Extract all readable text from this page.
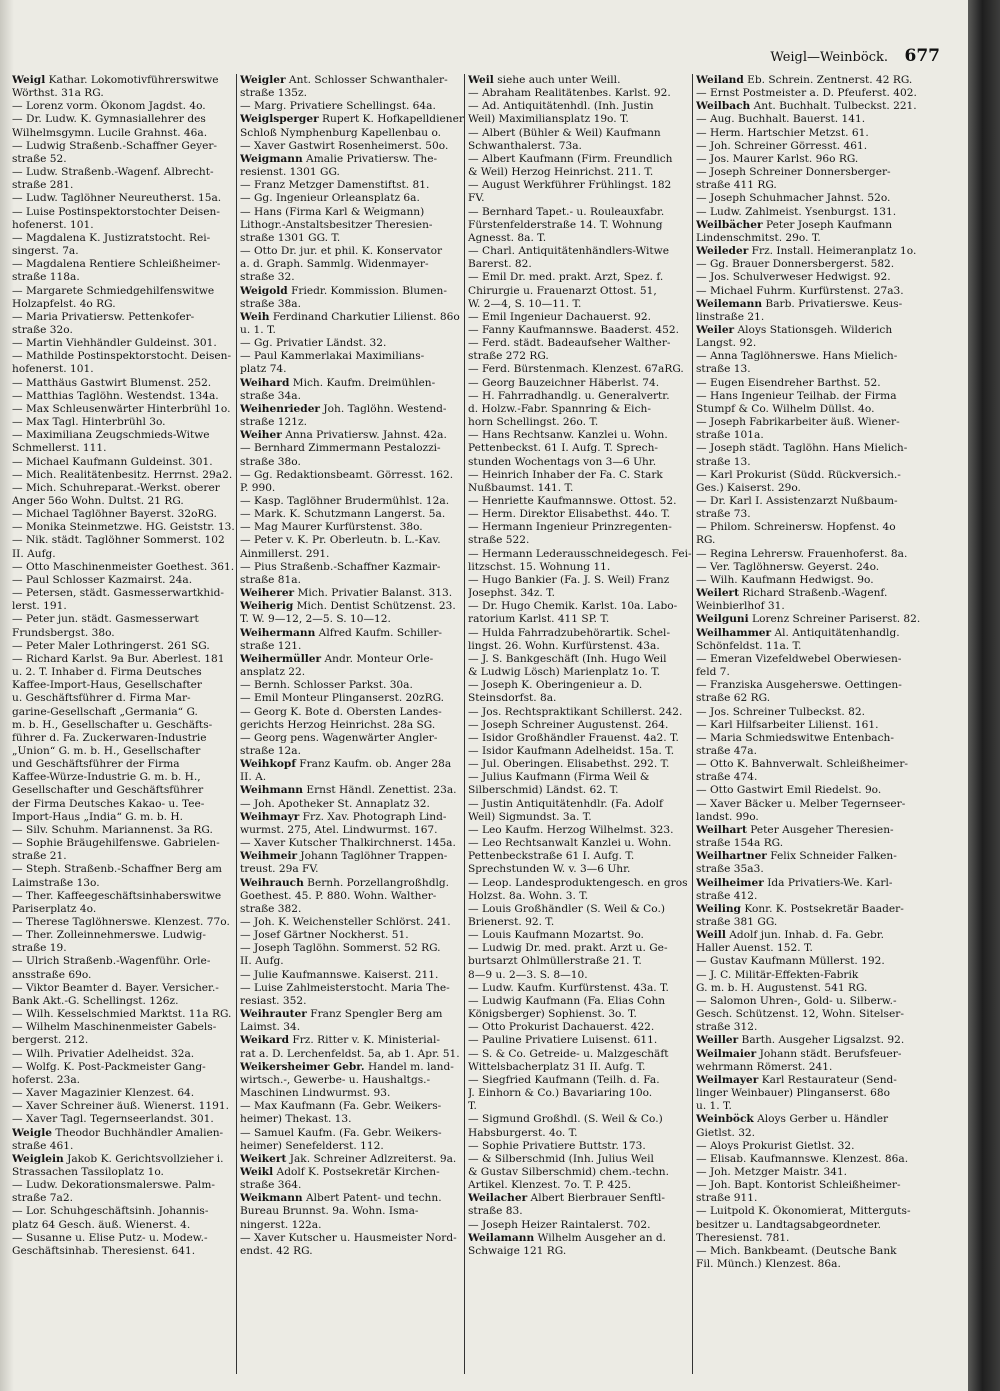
Weigl—Weinböck. 677

Weigl Kathar. Lokomotivführerswitwe

Wörthst. 31a RG.

— Lorenz vorm. Ökonom Jagdst. 4o.

— Dr. Ludw. K. Gymnasiallehrer des

Wilhelmsgymn. Lucile Grahnst. 46a.

— Ludwig Straßenb.-Schaffner Geyer-

straße 52.

— Ludw. Straßenb.-Wagenf. Albrecht-

straße 281.

— Ludw. Taglöhner Neureutherst. 15a.

— Luise Postinspektorstochter Deisen-

hofenerst. 101.

— Magdalena K. Justizratstocht. Rei-

singerst. 7a.

— Magdalena Rentiere Schleißheimer-

straße 118a.

— Margarete Schmiedgehilfenswitwe

Holzapfelst. 4o RG.

— Maria Privatiersw. Pettenkofer-

straße 32o.

— Martin Viehhändler Guldeinst. 301.

— Mathilde Postinspektorstocht. Deisen-

hofenerst. 101.

— Matthäus Gastwirt Blumenst. 252.

— Matthias Taglöhn. Westendst. 134a.

— Max Schleusenwärter Hinterbrühl 1o.

— Max Tagl. Hinterbrühl 3o.

— Maximiliana Zeugschmieds-Witwe

Schmellerst. 111.

— Michael Kaufmann Guldeinst. 301.

— Mich. Realitätenbesitz. Herrnst. 29a2.

— Mich. Schuhreparat.-Werkst. oberer

Anger 56o Wohn. Dultst. 21 RG.

— Michael Taglöhner Bayerst. 32oRG.

— Monika Steinmetzwe. HG. Geiststr. 13.

— Nik. städt. Taglöhner Sommerst. 102

II. Aufg.

— Otto Maschinenmeister Goethest. 361.

— Paul Schlosser Kazmairst. 24a.

— Petersen, städt. Gasmesserwartkhid-

lerst. 191.

— Peter jun. städt. Gasmesserwart

Frundsbergst. 38o.

— Peter Maler Lothringerst. 261 SG.

— Richard Karlst. 9a Bur. Aberlest. 181

u. 2. T. Inhaber d. Firma Deutsches

Kaffee-Import-Haus, Gesellschafter

u. Geschäftsführer d. Firma Mar-

garine-Gesellschaft „Germania“ G.

m. b. H., Gesellschafter u. Geschäfts-

führer d. Fa. Zuckerwaren-Industrie

„Union“ G. m. b. H., Gesellschafter

und Geschäftsführer der Firma

Kaffee-Würze-Industrie G. m. b. H.,

Gesellschafter und Geschäftsführer

der Firma Deutsches Kakao- u. Tee-

Import-Haus „India“ G. m. b. H.

— Silv. Schuhm. Mariannenst. 3a RG.

— Sophie Bräugehilfenswe. Gabrielen-

straße 21.

— Steph. Straßenb.-Schaffner Berg am

Laimstraße 13o.

— Ther. Kaffeegeschäftsinhaberswitwe

Pariserplatz 4o.

— Therese Taglöhnerswe. Klenzest. 77o.

— Ther. Zolleinnehmerswe. Ludwig-

straße 19.

— Ulrich Straßenb.-Wagenführ. Orle-

ansstraße 69o.

— Viktor Beamter d. Bayer. Versicher.-

Bank Akt.-G. Schellingst. 126z.

— Wilh. Kesselschmied Marktst. 11a RG.

— Wilhelm Maschinenmeister Gabels-

bergerst. 212.

— Wilh. Privatier Adelheidst. 32a.

— Wolfg. K. Post-Packmeister Gang-

hoferst. 23a.

— Xaver Magazinier Klenzest. 64.

— Xaver Schreiner äuß. Wienerst. 1191.

— Xaver Tagl. Tegernseerlandst. 301.

Weigle Theodor Buchhändler Amalien-

straße 461.

Weiglein Jakob K. Gerichtsvollzieher i.

Strassachen Tassiloplatz 1o.

— Ludw. Dekorationsmalerswe. Palm-

straße 7a2.

— Lor. Schuhgeschäftsinh. Johannis-

platz 64 Gesch. äuß. Wienerst. 4.

— Susanne u. Elise Putz- u. Modew.-

Geschäftsinhab. Theresienst. 641.

Weigler Ant. Schlosser Schwanthaler-

straße 135z.

— Marg. Privatiere Schellingst. 64a.

Weiglsperger Rupert K. Hofkapelldiener

Schloß Nymphenburg Kapellenbau o.

— Xaver Gastwirt Rosenheimerst. 50o.

Weigmann Amalie Privatiersw. The-

resienst. 1301 GG.

— Franz Metzger Damenstiftst. 81.

— Gg. Ingenieur Orleansplatz 6a.

— Hans (Firma Karl & Weigmann)

Lithogr.-Anstaltsbesitzer Theresien-

straße 1301 GG. T.

— Otto Dr. jur. et phil. K. Konservator

a. d. Graph. Sammlg. Widenmayer-

straße 32.

Weigold Friedr. Kommission. Blumen-

straße 38a.

Weih Ferdinand Charkutier Lilienst. 86o

u. 1. T.

— Gg. Privatier Ländst. 32.

— Paul Kammerlakai Maximilians-

platz 74.

Weihard Mich. Kaufm. Dreimühlen-

straße 34a.

Weihenrieder Joh. Taglöhn. Westend-

straße 121z.

Weiher Anna Privatiersw. Jahnst. 42a.

— Bernhard Zimmermann Pestalozzi-

straße 38o.

— Gg. Redaktionsbeamt. Görresst. 162.

P. 990.

— Kasp. Taglöhner Brudermühlst. 12a.

— Mark. K. Schutzmann Langerst. 5a.

— Mag Maurer Kurfürstenst. 38o.

— Peter v. K. Pr. Oberleutn. b. L.-Kav.

Ainmillerst. 291.

— Pius Straßenb.-Schaffner Kazmair-

straße 81a.

Weiherer Mich. Privatier Balanst. 313.

Weiherig Mich. Dentist Schützenst. 23.

T. W. 9—12, 2—5. S. 10—12.

Weihermann Alfred Kaufm. Schiller-

straße 121.

Weihermüller Andr. Monteur Orle-

ansplatz 22.

— Bernh. Schlosser Parkst. 30a.

— Emil Monteur Plinganserst. 20zRG.

— Georg K. Bote d. Obersten Landes-

gerichts Herzog Heinrichst. 28a SG.

— Georg pens. Wagenwärter Angler-

straße 12a.

Weihkopf Franz Kaufm. ob. Anger 28a

II. A.

Weihmann Ernst Händl. Zenettist. 23a.

— Joh. Apotheker St. Annaplatz 32.

Weihmayr Frz. Xav. Photograph Lind-

wurmst. 275, Atel. Lindwurmst. 167.

— Xaver Kutscher Thalkirchnerst. 145a.

Weihmeir Johann Taglöhner Trappen-

treust. 29a FV.

Weihrauch Bernh. Porzellangroßhdlg.

Goethest. 45. P. 880. Wohn. Walther-

straße 382.

— Joh. K. Weichensteller Schlörst. 241.

— Josef Gärtner Nockherst. 51.

— Joseph Taglöhn. Sommerst. 52 RG.

II. Aufg.

— Julie Kaufmannswe. Kaiserst. 211.

— Luise Zahlmeisterstocht. Maria The-

resiast. 352.

Weihrauter Franz Spengler Berg am

Laimst. 34.

Weikard Frz. Ritter v. K. Ministerial-

rat a. D. Lerchenfeldst. 5a, ab 1. Apr. 51.

Weikersheimer Gebr. Handel m. land-

wirtsch.-, Gewerbe- u. Haushaltgs.-

Maschinen Lindwurmst. 93.

— Max Kaufmann (Fa. Gebr. Weikers-

heimer) Thekast. 13.

— Samuel Kaufm. (Fa. Gebr. Weikers-

heimer) Senefelderst. 112.

Weikert Jak. Schreiner Adlzreiterst. 9a.

Weikl Adolf K. Postsekretär Kirchen-

straße 364.

Weikmann Albert Patent- und techn.

Bureau Brunnst. 9a. Wohn. Isma-

ningerst. 122a.

— Xaver Kutscher u. Hausmeister Nord-

endst. 42 RG.

Weil siehe auch unter Weill.

— Abraham Realitätenbes. Karlst. 92.

— Ad. Antiquitätenhdl. (Inh. Justin

Weil) Maximiliansplatz 19o. T.

— Albert (Bühler & Weil) Kaufmann

Schwanthalerst. 73a.

— Albert Kaufmann (Firm. Freundlich

& Weil) Herzog Heinrichst. 211. T.

— August Werkführer Frühlingst. 182

FV.

— Bernhard Tapet.- u. Rouleauxfabr.

Fürstenfelderstraße 14. T. Wohnung

Agnesst. 8a. T.

— Charl. Antiquitätenhändlers-Witwe

Barerst. 82.

— Emil Dr. med. prakt. Arzt, Spez. f.

Chirurgie u. Frauenarzt Ottost. 51,

W. 2—4, S. 10—11. T.

— Emil Ingenieur Dachauerst. 92.

— Fanny Kaufmannswe. Baaderst. 452.

— Ferd. städt. Badeaufseher Walther-

straße 272 RG.

— Ferd. Bürstenmach. Klenzest. 67aRG.

— Georg Bauzeichner Häberlst. 74.

— H. Fahrradhandlg. u. Generalvertr.

d. Holzw.-Fabr. Spannring & Eich-

horn Schellingst. 26o. T.

— Hans Rechtsanw. Kanzlei u. Wohn.

Pettenbeckst. 61 I. Aufg. T. Sprech-

stunden Wochentags von 3—6 Uhr.

— Heinrich Inhaber der Fa. C. Stark

Nußbaumst. 141. T.

— Henriette Kaufmannswe. Ottost. 52.

— Herm. Direktor Elisabethst. 44o. T.

— Hermann Ingenieur Prinzregenten-

straße 522.

— Hermann Lederausschneidegesch. Fei-

litzschst. 15. Wohnung 11.

— Hugo Bankier (Fa. J. S. Weil) Franz

Josephst. 34z. T.

— Dr. Hugo Chemik. Karlst. 10a. Labo-

ratorium Karlst. 411 SP. T.

— Hulda Fahrradzubehörartik. Schel-

lingst. 26. Wohn. Kurfürstenst. 43a.

— J. S. Bankgeschäft (Inh. Hugo Weil

& Ludwig Lösch) Marienplatz 1o. T.

— Joseph K. Oberingenieur a. D.

Steinsdorfst. 8a.

— Jos. Rechtspraktikant Schillerst. 242.

— Joseph Schreiner Augustenst. 264.

— Isidor Großhändler Frauenst. 4a2. T.

— Isidor Kaufmann Adelheidst. 15a. T.

— Jul. Oberingen. Elisabethst. 292. T.

— Julius Kaufmann (Firma Weil &

Silberschmid) Ländst. 62. T.

— Justin Antiquitätenhdlr. (Fa. Adolf

Weil) Sigmundst. 3a. T.

— Leo Kaufm. Herzog Wilhelmst. 323.

— Leo Rechtsanwalt Kanzlei u. Wohn.

Pettenbeckstraße 61 I. Aufg. T.

Sprechstunden W. v. 3—6 Uhr.

— Leop. Landesproduktengesch. en gros

Holzst. 8a. Wohn. 3. T.

— Louis Großhändler (S. Weil & Co.)

Brienerst. 92. T.

— Louis Kaufmann Mozartst. 9o.

— Ludwig Dr. med. prakt. Arzt u. Ge-

burtsarzt Ohlmüllerstraße 21. T.

8—9 u. 2—3. S. 8—10.

— Ludw. Kaufm. Kurfürstenst. 43a. T.

— Ludwig Kaufmann (Fa. Elias Cohn

Königsberger) Sophienst. 3o. T.

— Otto Prokurist Dachauerst. 422.

— Pauline Privatiere Luisenst. 611.

— S. & Co. Getreide- u. Malzgeschäft

Wittelsbacherplatz 31 II. Aufg. T.

— Siegfried Kaufmann (Teilh. d. Fa.

J. Einhorn & Co.) Bavariaring 10o.

T.

— Sigmund Großhdl. (S. Weil & Co.)

Habsburgerst. 4o. T.

— Sophie Privatiere Buttstr. 173.

— & Silberschmid (Inh. Julius Weil

& Gustav Silberschmid) chem.-techn.

Artikel. Klenzest. 7o. T. P. 425.

Weilacher Albert Bierbrauer Senftl-

straße 83.

— Joseph Heizer Raintalerst. 702.

Weilamann Wilhelm Ausgeher an d.

Schwaige 121 RG.

Weiland Eb. Schrein. Zentnerst. 42 RG.

— Ernst Postmeister a. D. Pfeuferst. 402.

Weilbach Ant. Buchhalt. Tulbeckst. 221.

— Aug. Buchhalt. Bauerst. 141.

— Herm. Hartschier Metzst. 61.

— Joh. Schreiner Görresst. 461.

— Jos. Maurer Karlst. 96o RG.

— Joseph Schreiner Donnersberger-

straße 411 RG.

— Joseph Schuhmacher Jahnst. 52o.

— Ludw. Zahlmeist. Ysenburgst. 131.

Weilbächer Peter Joseph Kaufmann

Lindenschmitst. 29o. T.

Weileder Frz. Install. Heimeranplatz 1o.

— Gg. Brauer Donnersbergerst. 582.

— Jos. Schulverweser Hedwigst. 92.

— Michael Fuhrm. Kurfürstenst. 27a3.

Weilemann Barb. Privatierswe. Keus-

linstraße 21.

Weiler Aloys Stationsgeh. Wilderich

Langst. 92.

— Anna Taglöhnerswe. Hans Mielich-

straße 13.

— Eugen Eisendreher Barthst. 52.

— Hans Ingenieur Teilhab. der Firma

Stumpf & Co. Wilhelm Düllst. 4o.

— Joseph Fabrikarbeiter äuß. Wiener-

straße 101a.

— Joseph städt. Taglöhn. Hans Mielich-

straße 13.

— Karl Prokurist (Südd. Rückversich.-

Ges.) Kaiserst. 29o.

— Dr. Karl I. Assistenzarzt Nußbaum-

straße 73.

— Philom. Schreinersw. Hopfenst. 4o

RG.

— Regina Lehrersw. Frauenhoferst. 8a.

— Ver. Taglöhnersw. Geyerst. 24o.

— Wilh. Kaufmann Hedwigst. 9o.

Weilert Richard Straßenb.-Wagenf.

Weinbierlhof 31.

Weilguni Lorenz Schreiner Pariserst. 82.

Weilhammer Al. Antiquitätenhandlg.

Schönfeldst. 11a. T.

— Emeran Vizefeldwebel Oberwiesen-

feld 7.

— Franziska Ausgeherswe. Oettingen-

straße 62 RG.

— Jos. Schreiner Tulbeckst. 82.

— Karl Hilfsarbeiter Lilienst. 161.

— Maria Schmiedswitwe Entenbach-

straße 47a.

— Otto K. Bahnverwalt. Schleißheimer-

straße 474.

— Otto Gastwirt Emil Riedelst. 9o.

— Xaver Bäcker u. Melber Tegernseer-

landst. 99o.

Weilhart Peter Ausgeher Theresien-

straße 154a RG.

Weilhartner Felix Schneider Falken-

straße 35a3.

Weilheimer Ida Privatiers-We. Karl-

straße 412.

Weiling Konr. K. Postsekretär Baader-

straße 381 GG.

Weill Adolf jun. Inhab. d. Fa. Gebr.

Haller Auenst. 152. T.

— Gustav Kaufmann Müllerst. 192.

— J. C. Militär-Effekten-Fabrik

G. m. b. H. Augustenst. 541 RG.

— Salomon Uhren-, Gold- u. Silberw.-

Gesch. Schützenst. 12, Wohn. Sitelser-

straße 312.

Weiller Barth. Ausgeher Ligsalzst. 92.

Weilmaier Johann städt. Berufsfeuer-

wehrmann Römerst. 241.

Weilmayer Karl Restaurateur (Send-

linger Weinbauer) Plinganserst. 68o

u. 1. T.

Weinböck Aloys Gerber u. Händler

Gietlst. 32.

— Aloys Prokurist Gietlst. 32.

— Elisab. Kaufmannswe. Klenzest. 86a.

— Joh. Metzger Maistr. 341.

— Joh. Bapt. Kontorist Schleißheimer-

straße 911.

— Luitpold K. Ökonomierat, Mitterguts-

besitzer u. Landtagsabgeordneter.

Theresienst. 781.

— Mich. Bankbeamt. (Deutsche Bank

Fil. Münch.) Klenzest. 86a.
